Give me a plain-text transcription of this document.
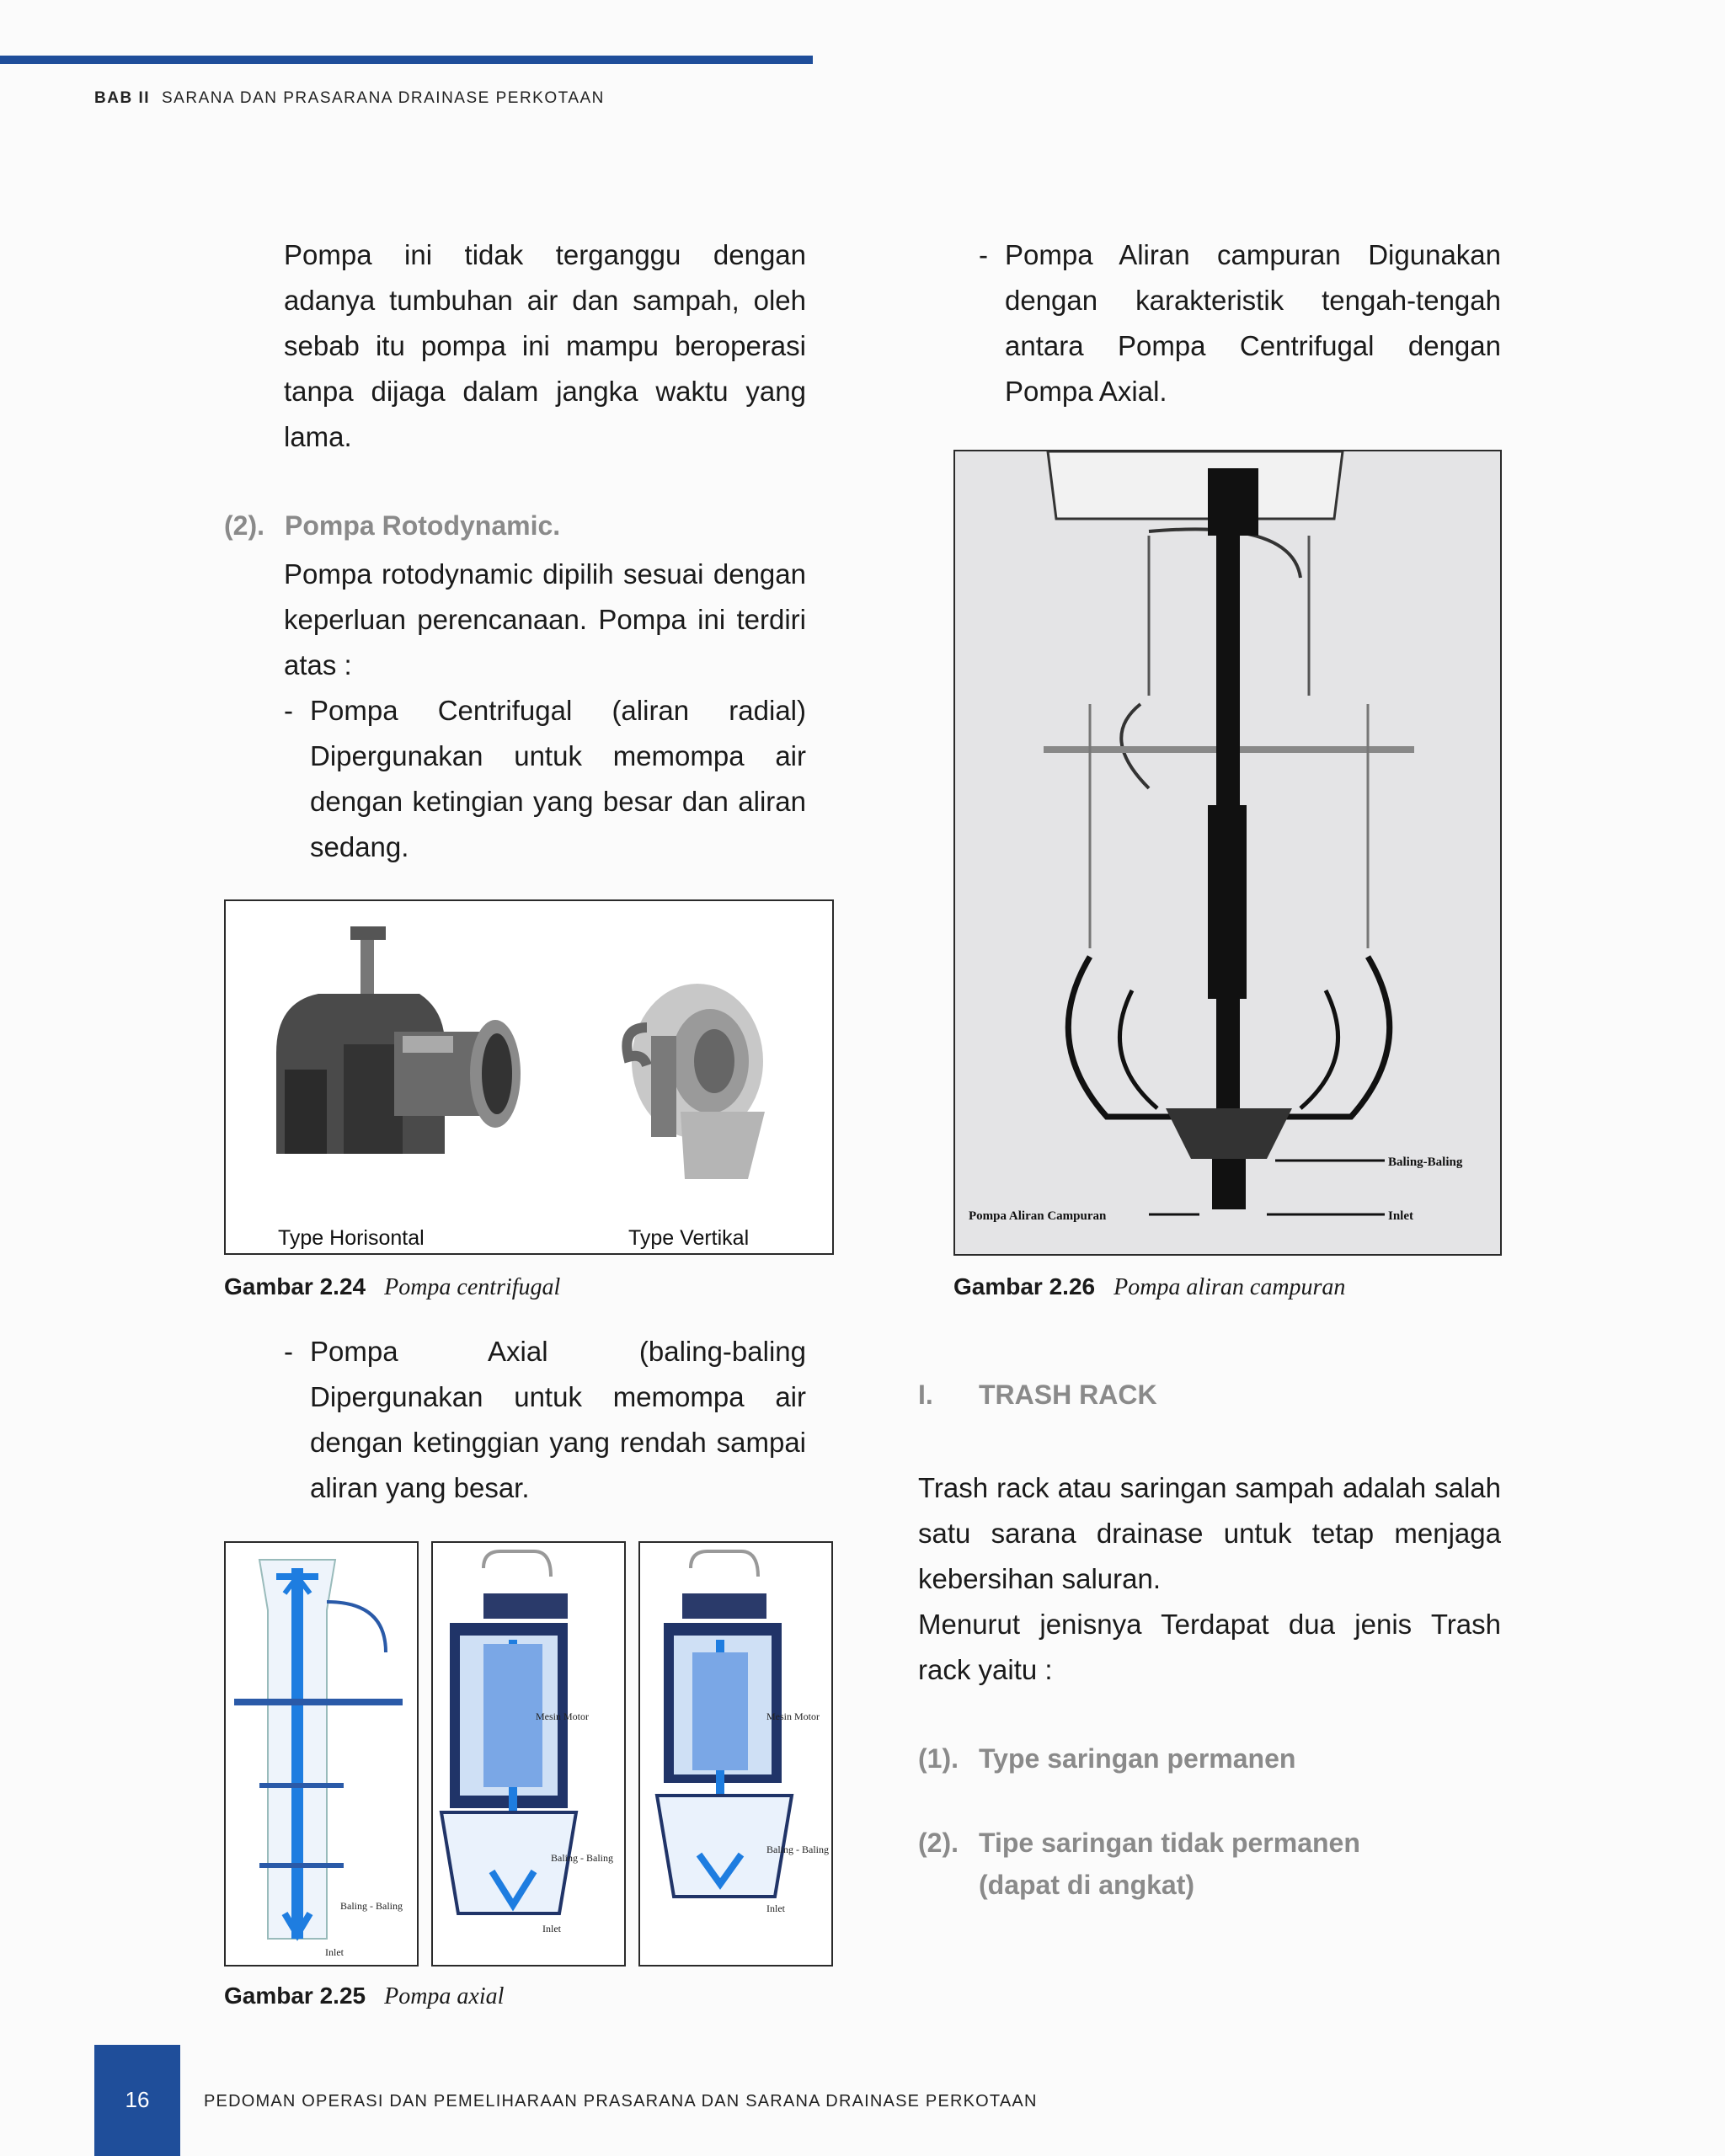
BAB II SARANA DAN PRASARANA DRAINASE PERKOTAAN
Pompa ini tidak terganggu dengan adanya tumbuhan air dan sampah, oleh sebab itu pompa ini mampu beroperasi tanpa dijaga dalam jangka waktu yang lama.
(2). Pompa Rotodynamic.
Pompa rotodynamic dipilih sesuai dengan keperluan perencanaan. Pompa ini terdiri atas :
- Pompa Centrifugal (aliran radial) Dipergunakan untuk memompa air dengan ketingian yang besar dan aliran sedang.
Type Horisontal	Type Vertikal
Gambar 2.24 Pompa centrifugal
- Pompa Axial (baling-baling Dipergunakan untuk memompa air dengan ketinggian yang rendah sampai aliran yang besar.
Baling - Baling
Inlet
Mesin Motor
Baling - Baling
Inlet
Mesin Motor
Baling - Baling
Inlet
Gambar 2.25 Pompa axial
- Pompa Aliran campuran Digunakan dengan karakteristik tengah-tengah antara Pompa Centrifugal dengan Pompa Axial.
Baling-Baling
Pompa Aliran Campuran	Inlet
Gambar 2.26 Pompa aliran campuran
I. TRASH RACK
Trash rack atau saringan sampah adalah salah satu sarana drainase untuk tetap menjaga kebersihan saluran.
Menurut jenisnya Terdapat dua jenis Trash rack yaitu :
(1). Type saringan permanen
(2). Tipe saringan tidak permanen
(dapat di angkat)
16	PEDOMAN OPERASI DAN PEMELIHARAAN PRASARANA DAN SARANA DRAINASE PERKOTAAN
